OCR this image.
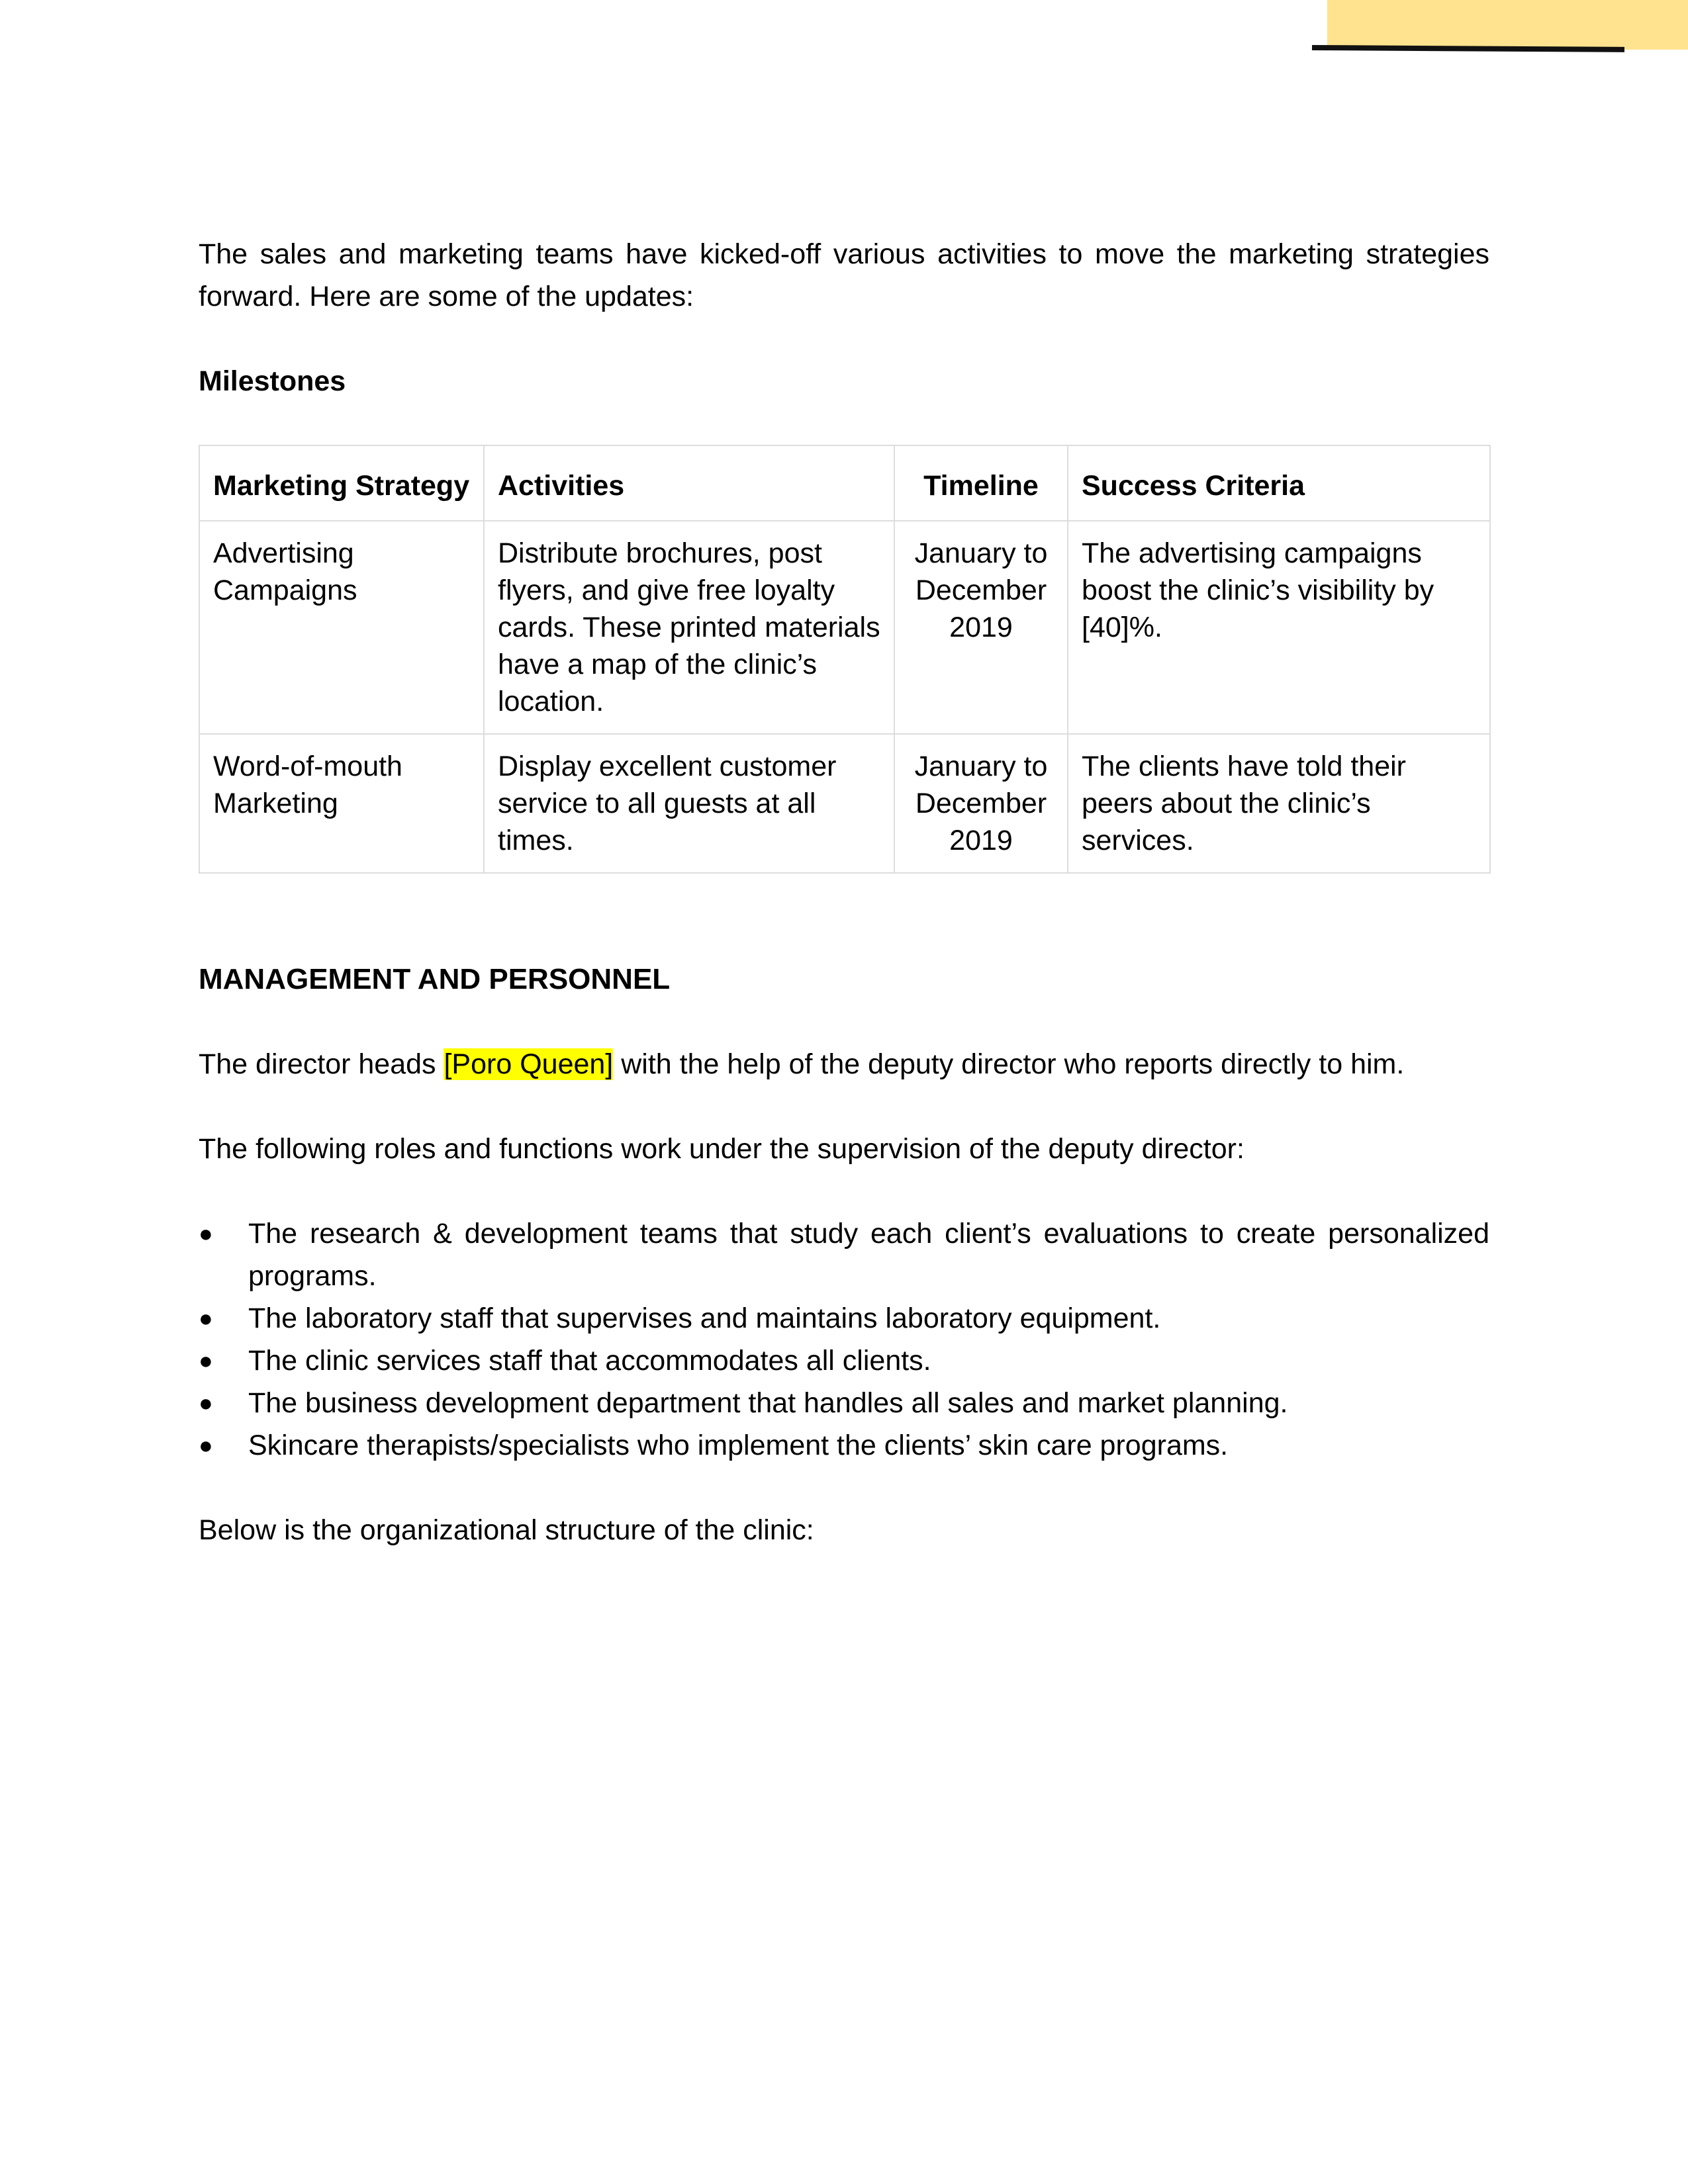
The sales and marketing teams have kicked-off various activities to move the marketing strategies forward. Here are some of the updates:

Milestones

Marketing Strategy	Activities	Timeline	Success Criteria
Advertising Campaigns	Distribute brochures, post flyers, and give free loyalty cards. These printed materials have a map of the clinic’s location.	January to December 2019	The advertising campaigns boost the clinic’s visibility by [40]%.
Word-of-mouth Marketing	Display excellent customer service to all guests at all times.	January to December 2019	The clients have told their peers about the clinic’s services.

MANAGEMENT AND PERSONNEL

The director heads [Poro Queen] with the help of the deputy director who reports directly to him.

The following roles and functions work under the supervision of the deputy director:

● The research & development teams that study each client’s evaluations to create personalized programs.
● The laboratory staff that supervises and maintains laboratory equipment.
● The clinic services staff that accommodates all clients.
● The business development department that handles all sales and market planning.
● Skincare therapists/specialists who implement the clients’ skin care programs.

Below is the organizational structure of the clinic:
